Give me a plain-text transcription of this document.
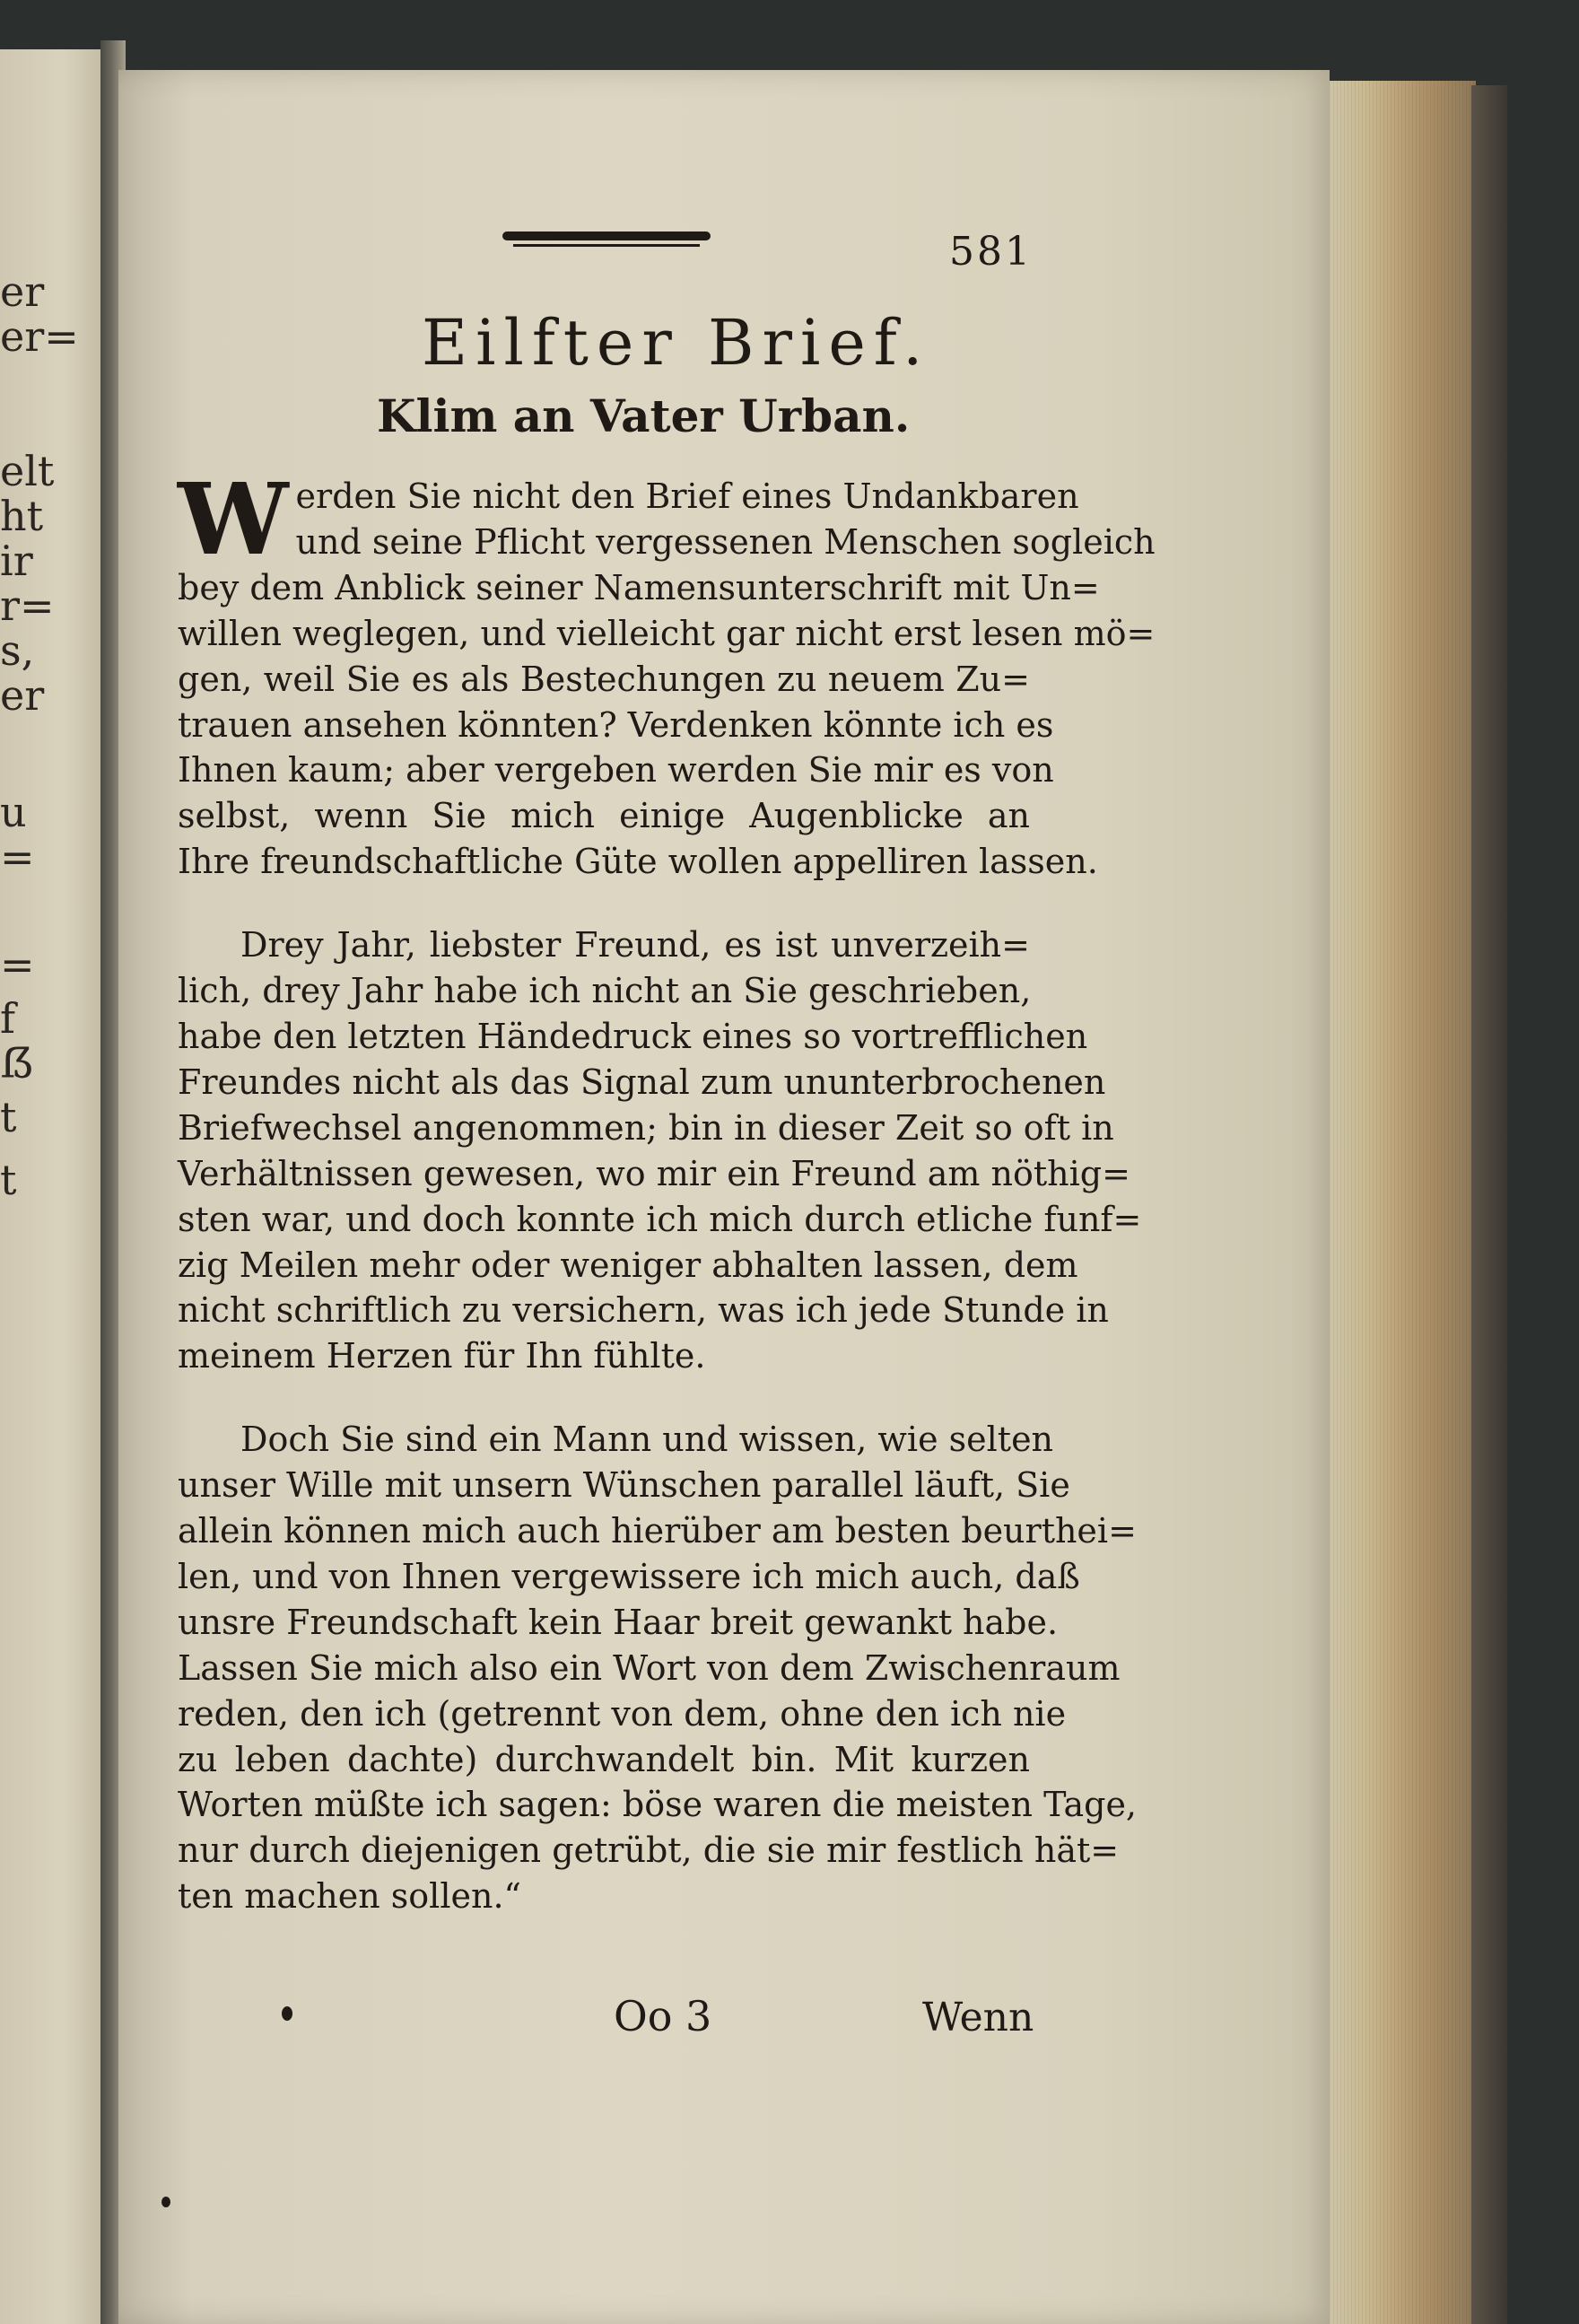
er
er=
elt
ht
ir
r=
s,
er
u
=
=
f
ẞ
t
t
581
Eilfter Brief.
Klim an Vater Urban.
W erden Sie nicht den Brief eines Undankbaren
und seine Pflicht vergessenen Menschen sogleich
bey dem Anblick seiner Namensunterschrift mit Un=
willen weglegen, und vielleicht gar nicht erst lesen mö=
gen, weil Sie es als Bestechungen zu neuem Zu=
trauen ansehen könnten? Verdenken könnte ich es
Ihnen kaum; aber vergeben werden Sie mir es von
selbst, wenn Sie mich einige Augenblicke an
Ihre freundschaftliche Güte wollen appelliren lassen.
Drey Jahr, liebster Freund, es ist unverzeih=
lich, drey Jahr habe ich nicht an Sie geschrieben,
habe den letzten Händedruck eines so vortrefflichen
Freundes nicht als das Signal zum ununterbrochenen
Briefwechsel angenommen; bin in dieser Zeit so oft in
Verhältnissen gewesen, wo mir ein Freund am nöthig=
sten war, und doch konnte ich mich durch etliche funf=
zig Meilen mehr oder weniger abhalten lassen, dem
nicht schriftlich zu versichern, was ich jede Stunde in
meinem Herzen für Ihn fühlte.
Doch Sie sind ein Mann und wissen, wie selten
unser Wille mit unsern Wünschen parallel läuft, Sie
allein können mich auch hierüber am besten beurthei=
len, und von Ihnen vergewissere ich mich auch, daß
unsre Freundschaft kein Haar breit gewankt habe.
Lassen Sie mich also ein Wort von dem Zwischenraum
reden, den ich (getrennt von dem, ohne den ich nie
zu leben dachte) durchwandelt bin. Mit kurzen
Worten müßte ich sagen: böse waren die meisten Tage,
nur durch diejenigen getrübt, die sie mir festlich hät=
ten machen sollen.“
Oo 3	Wenn
